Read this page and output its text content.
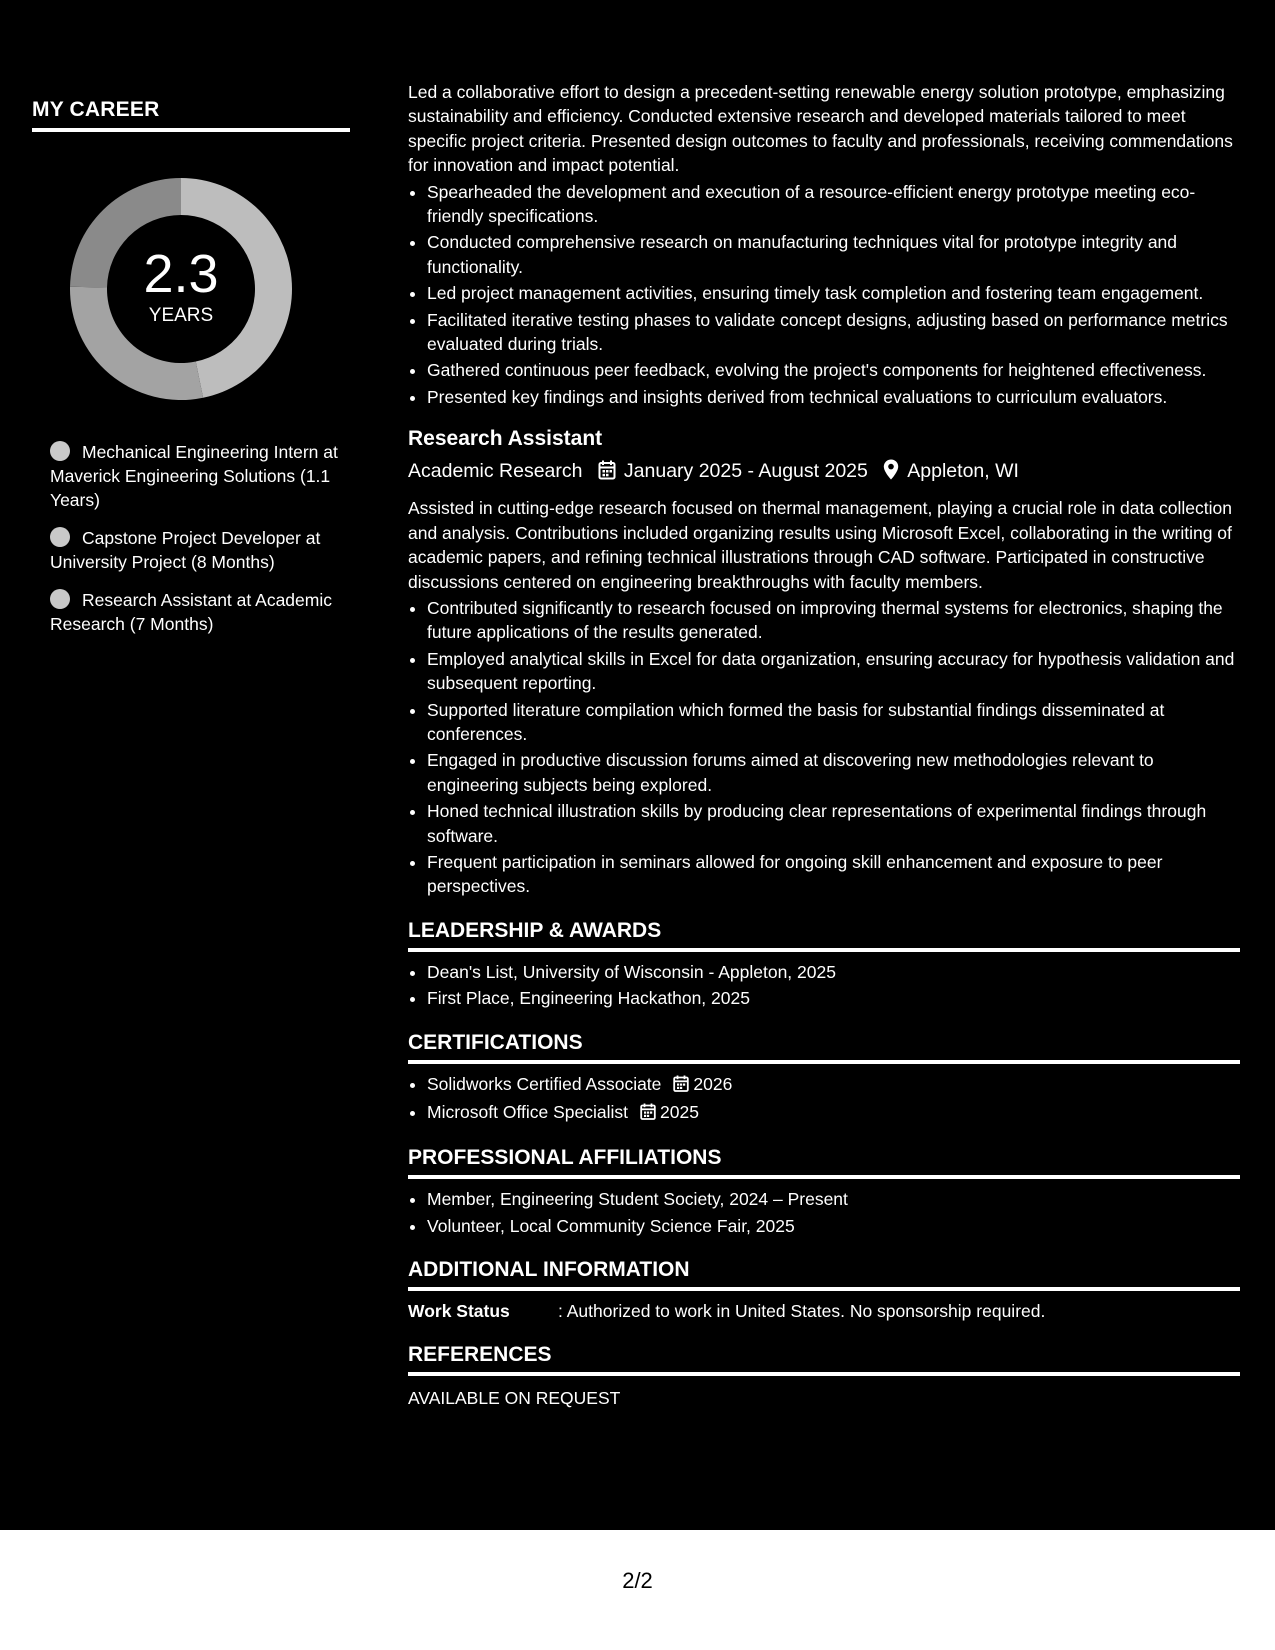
MY CAREER
2.3
YEARS
Mechanical Engineering Intern at Maverick Engineering Solutions (1.1 Years)
Capstone Project Developer at University Project (8 Months)
Research Assistant at Academic Research (7 Months)

Led a collaborative effort to design a precedent-setting renewable energy solution prototype, emphasizing sustainability and efficiency. Conducted extensive research and developed materials tailored to meet specific project criteria. Presented design outcomes to faculty and professionals, receiving commendations for innovation and impact potential.

• Spearheaded the development and execution of a resource-efficient energy prototype meeting eco-friendly specifications.
• Conducted comprehensive research on manufacturing techniques vital for prototype integrity and functionality.
• Led project management activities, ensuring timely task completion and fostering team engagement.
• Facilitated iterative testing phases to validate concept designs, adjusting based on performance metrics evaluated during trials.
• Gathered continuous peer feedback, evolving the project's components for heightened effectiveness.
• Presented key findings and insights derived from technical evaluations to curriculum evaluators.
Research Assistant
Academic Research January 2025 - August 2025 Appleton, WI

Assisted in cutting-edge research focused on thermal management, playing a crucial role in data collection and analysis. Contributions included organizing results using Microsoft Excel, collaborating in the writing of academic papers, and refining technical illustrations through CAD software. Participated in constructive discussions centered on engineering breakthroughs with faculty members.

• Contributed significantly to research focused on improving thermal systems for electronics, shaping the future applications of the results generated.
• Employed analytical skills in Excel for data organization, ensuring accuracy for hypothesis validation and subsequent reporting.
• Supported literature compilation which formed the basis for substantial findings disseminated at conferences.
• Engaged in productive discussion forums aimed at discovering new methodologies relevant to engineering subjects being explored.
• Honed technical illustration skills by producing clear representations of experimental findings through software.
• Frequent participation in seminars allowed for ongoing skill enhancement and exposure to peer perspectives.
LEADERSHIP & AWARDS
• Dean's List, University of Wisconsin - Appleton, 2025
• First Place, Engineering Hackathon, 2025
CERTIFICATIONS
• Solidworks Certified Associate 2026
• Microsoft Office Specialist 2025
PROFESSIONAL AFFILIATIONS
• Member, Engineering Student Society, 2024 – Present
• Volunteer, Local Community Science Fair, 2025
ADDITIONAL INFORMATION
Work Status	: Authorized to work in United States. No sponsorship required.
REFERENCES
AVAILABLE ON REQUEST
2/2
